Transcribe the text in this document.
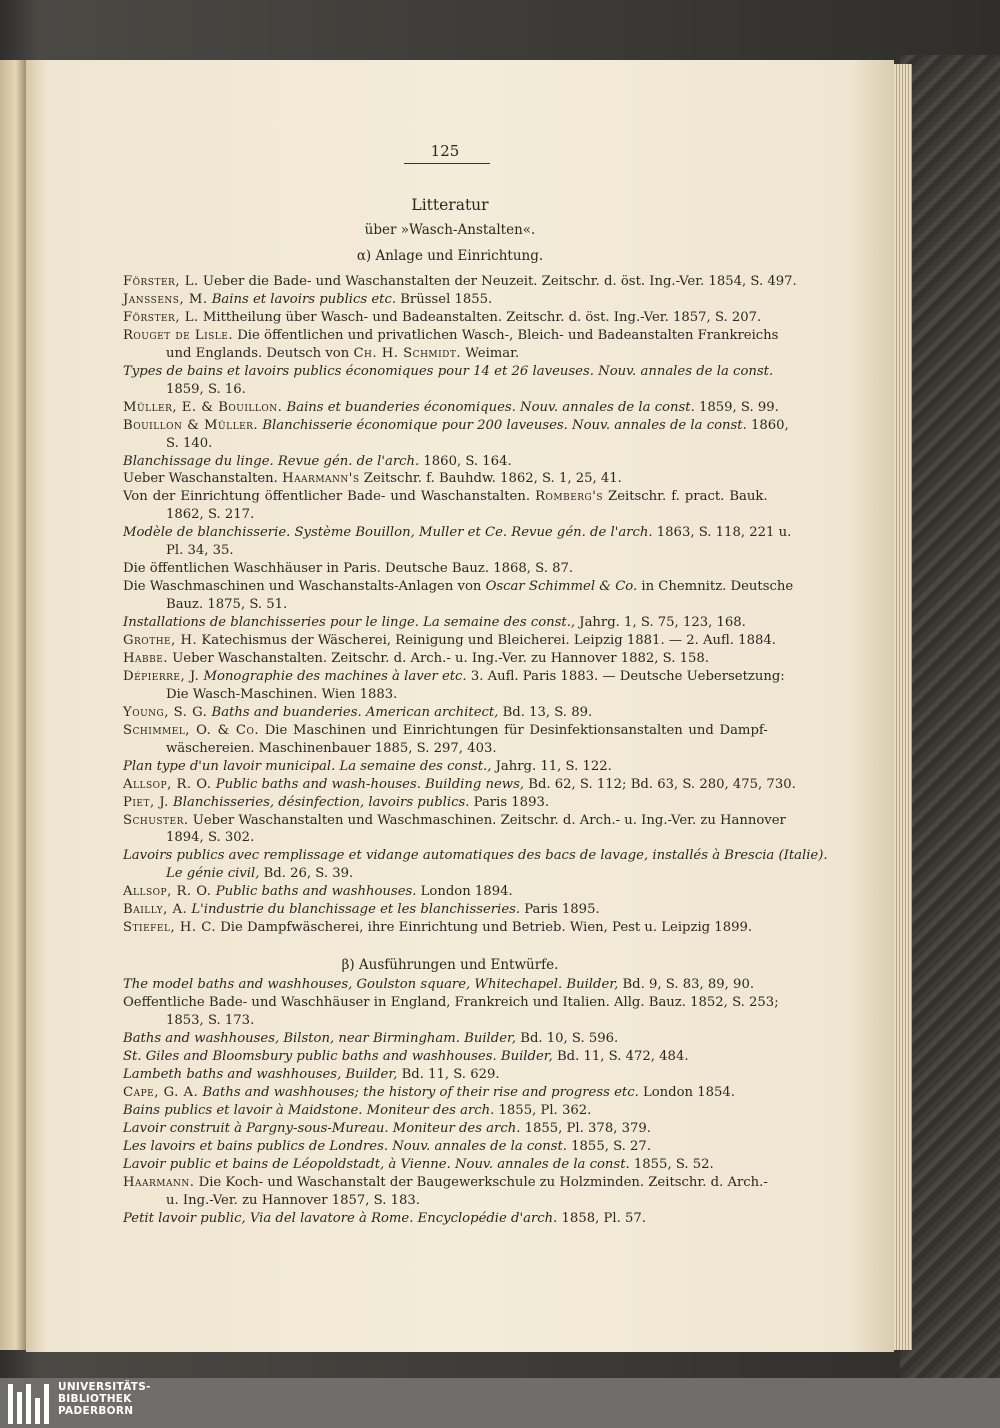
125
Litteratur
über »Wasch-Anstalten«.
α) Anlage und Einrichtung.
Förster, L. Ueber die Bade- und Waschanstalten der Neuzeit. Zeitschr. d. öst. Ing.-Ver. 1854, S. 497.
Janssens, M. Bains et lavoirs publics etc. Brüssel 1855.
Förster, L. Mittheilung über Wasch- und Badeanstalten. Zeitschr. d. öst. Ing.-Ver. 1857, S. 207.
Rouget de Lisle. Die öffentlichen und privatlichen Wasch-, Bleich- und Badeanstalten Frankreichs
und Englands. Deutsch von Ch. H. Schmidt. Weimar.
Types de bains et lavoirs publics économiques pour 14 et 26 laveuses. Nouv. annales de la const.
1859, S. 16.
Müller, E. & Bouillon. Bains et buanderies économiques. Nouv. annales de la const. 1859, S. 99.
Bouillon & Müller. Blanchisserie économique pour 200 laveuses. Nouv. annales de la const. 1860,
S. 140.
Blanchissage du linge. Revue gén. de l'arch. 1860, S. 164.
Ueber Waschanstalten. Haarmann's Zeitschr. f. Bauhdw. 1862, S. 1, 25, 41.
Von der Einrichtung öffentlicher Bade- und Waschanstalten. Romberg's Zeitschr. f. pract. Bauk.
1862, S. 217.
Modèle de blanchisserie. Système Bouillon, Muller et Ce. Revue gén. de l'arch. 1863, S. 118, 221 u.
Pl. 34, 35.
Die öffentlichen Waschhäuser in Paris. Deutsche Bauz. 1868, S. 87.
Die Waschmaschinen und Waschanstalts-Anlagen von Oscar Schimmel & Co. in Chemnitz. Deutsche
Bauz. 1875, S. 51.
Installations de blanchisseries pour le linge. La semaine des const., Jahrg. 1, S. 75, 123, 168.
Grothe, H. Katechismus der Wäscherei, Reinigung und Bleicherei. Leipzig 1881. — 2. Aufl. 1884.
Habbe. Ueber Waschanstalten. Zeitschr. d. Arch.- u. Ing.-Ver. zu Hannover 1882, S. 158.
Dépierre, J. Monographie des machines à laver etc. 3. Aufl. Paris 1883. — Deutsche Uebersetzung:
Die Wasch-Maschinen. Wien 1883.
Young, S. G. Baths and buanderies. American architect, Bd. 13, S. 89.
Schimmel, O. & Co. Die Maschinen und Einrichtungen für Desinfektionsanstalten und Dampf-
wäschereien. Maschinenbauer 1885, S. 297, 403.
Plan type d'un lavoir municipal. La semaine des const., Jahrg. 11, S. 122.
Allsop, R. O. Public baths and wash-houses. Building news, Bd. 62, S. 112; Bd. 63, S. 280, 475, 730.
Piet, J. Blanchisseries, désinfection, lavoirs publics. Paris 1893.
Schuster. Ueber Waschanstalten und Waschmaschinen. Zeitschr. d. Arch.- u. Ing.-Ver. zu Hannover
1894, S. 302.
Lavoirs publics avec remplissage et vidange automatiques des bacs de lavage, installés à Brescia (Italie).
Le génie civil, Bd. 26, S. 39.
Allsop, R. O. Public baths and washhouses. London 1894.
Bailly, A. L'industrie du blanchissage et les blanchisseries. Paris 1895.
Stiefel, H. C. Die Dampfwäscherei, ihre Einrichtung und Betrieb. Wien, Pest u. Leipzig 1899.
β) Ausführungen und Entwürfe.
The model baths and washhouses, Goulston square, Whitechapel. Builder, Bd. 9, S. 83, 89, 90.
Oeffentliche Bade- und Waschhäuser in England, Frankreich und Italien. Allg. Bauz. 1852, S. 253;
1853, S. 173.
Baths and washhouses, Bilston, near Birmingham. Builder, Bd. 10, S. 596.
St. Giles and Bloomsbury public baths and washhouses. Builder, Bd. 11, S. 472, 484.
Lambeth baths and washhouses, Builder, Bd. 11, S. 629.
Cape, G. A. Baths and washhouses; the history of their rise and progress etc. London 1854.
Bains publics et lavoir à Maidstone. Moniteur des arch. 1855, Pl. 362.
Lavoir construit à Pargny-sous-Mureau. Moniteur des arch. 1855, Pl. 378, 379.
Les lavoirs et bains publics de Londres. Nouv. annales de la const. 1855, S. 27.
Lavoir public et bains de Léopoldstadt, à Vienne. Nouv. annales de la const. 1855, S. 52.
Haarmann. Die Koch- und Waschanstalt der Baugewerkschule zu Holzminden. Zeitschr. d. Arch.-
u. Ing.-Ver. zu Hannover 1857, S. 183.
Petit lavoir public, Via del lavatore à Rome. Encyclopédie d'arch. 1858, Pl. 57.
UNIVERSITÄTS-
BIBLIOTHEK
PADERBORN
